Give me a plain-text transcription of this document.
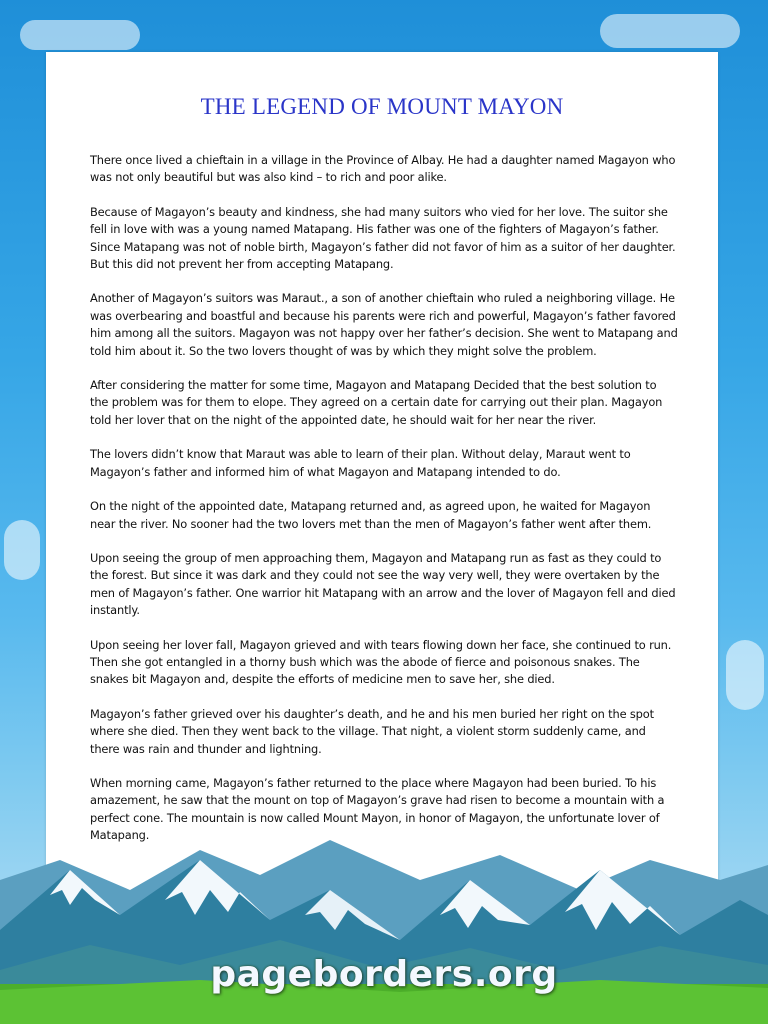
THE LEGEND OF MOUNT MAYON

There once lived a chieftain in a village in the Province of Albay. He had a daughter named Magayon who was not only beautiful but was also kind – to rich and poor alike.

Because of Magayon’s beauty and kindness, she had many suitors who vied for her love. The suitor she fell in love with was a young named Matapang. His father was one of the fighters of Magayon’s father. Since Matapang was not of noble birth, Magayon’s father did not favor of him as a suitor of her daughter. But this did not prevent her from accepting Matapang.

Another of Magayon’s suitors was Maraut., a son of another chieftain who ruled a neighboring village. He was overbearing and boastful and because his parents were rich and powerful, Magayon’s father favored him among all the suitors. Magayon was not happy over her father’s decision. She went to Matapang and told him about it. So the two lovers thought of was by which they might solve the problem.

After considering the matter for some time, Magayon and Matapang Decided that the best solution to the problem was for them to elope. They agreed on a certain date for carrying out their plan. Magayon told her lover that on the night of the appointed date, he should wait for her near the river.

The lovers didn’t know that Maraut was able to learn of their plan. Without delay, Maraut went to Magayon’s father and informed him of what Magayon and Matapang intended to do.

On the night of the appointed date, Matapang returned and, as agreed upon, he waited for Magayon near the river. No sooner had the two lovers met than the men of Magayon’s father went after them.

Upon seeing the group of men approaching them, Magayon and Matapang run as fast as they could to the forest. But since it was dark and they could not see the way very well, they were overtaken by the men of Magayon’s father. One warrior hit Matapang with an arrow and the lover of Magayon fell and died instantly.

Upon seeing her lover fall, Magayon grieved and with tears flowing down her face, she continued to run. Then she got entangled in a thorny bush which was the abode of fierce and poisonous snakes. The snakes bit Magayon and, despite the efforts of medicine men to save her, she died.

Magayon’s father grieved over his daughter’s death, and he and his men buried her right on the spot where she died. Then they went back to the village. That night, a violent storm suddenly came, and there was rain and thunder and lightning.

When morning came, Magayon’s father returned to the place where Magayon had been buried. To his amazement, he saw that the mount on top of Magayon’s grave had risen to become a mountain with a perfect cone. The mountain is now called Mount Mayon, in honor of Magayon, the unfortunate lover of Matapang.

pageborders.org
